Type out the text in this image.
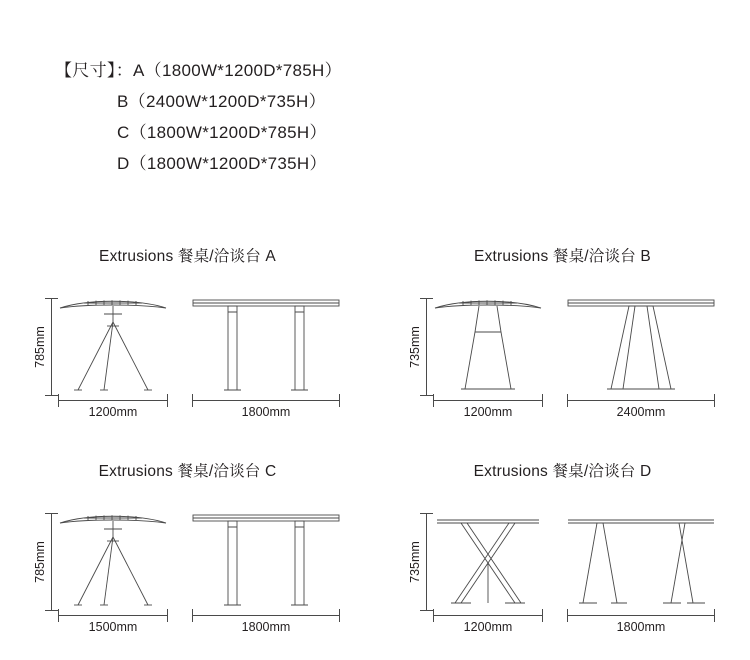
【尺寸】：A（1800W*1200D*785H）
B（2400W*1200D*735H）
C（1800W*1200D*785H）
D（1800W*1200D*735H）
Extrusions 餐桌/洽谈台 A
785mm
1200mm	1800mm
Extrusions 餐桌/洽谈台 B
735mm
1200mm	2400mm
Extrusions 餐桌/洽谈台 C
785mm
1500mm	1800mm
Extrusions 餐桌/洽谈台 D
735mm
1200mm	1800mm
